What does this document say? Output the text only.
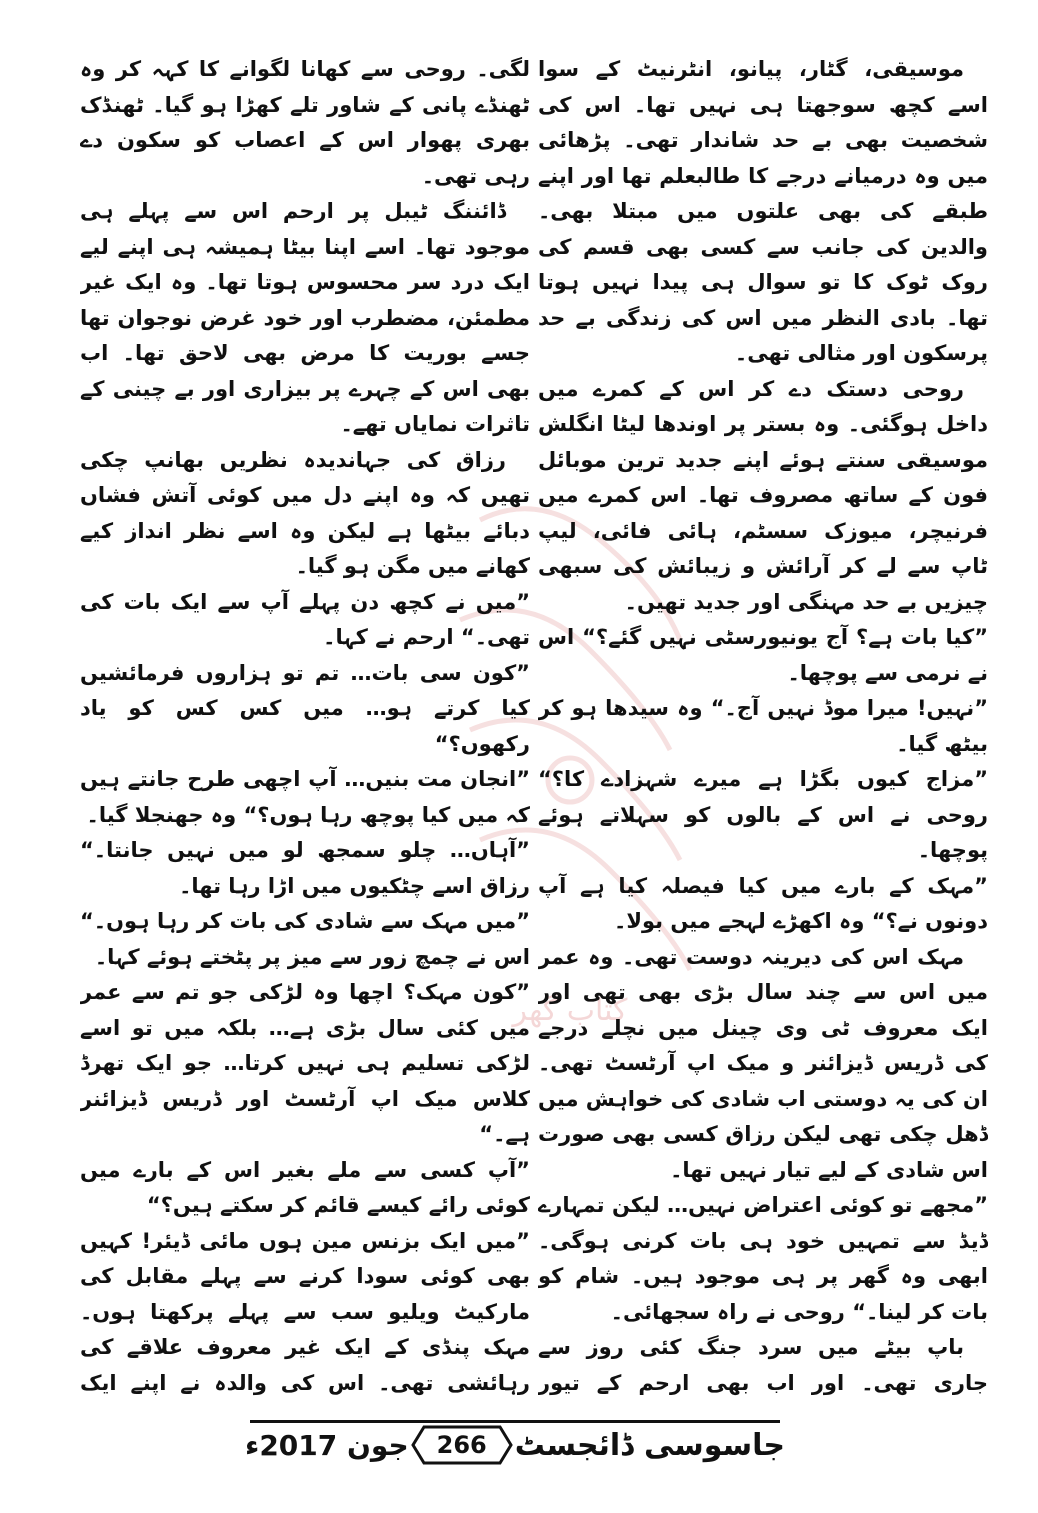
کتاب گھر

موسیقی، گٹار، پیانو، انٹرنیٹ کے سوا اسے کچھ سوجھتا ہی نہیں تھا۔ اس کی شخصیت بھی بے حد شاندار تھی۔ پڑھائی میں وہ درمیانے درجے کا طالبعلم تھا اور اپنے طبقے کی بھی علتوں میں مبتلا بھی۔ والدین کی جانب سے کسی بھی قسم کی روک ٹوک کا تو سوال ہی پیدا نہیں ہوتا تھا۔ بادی النظر میں اس کی زندگی بے حد پرسکون اور مثالی تھی۔

روحی دستک دے کر اس کے کمرے میں داخل ہوگئی۔ وہ بستر پر اوندھا لیٹا انگلش موسیقی سنتے ہوئے اپنے جدید ترین موبائل فون کے ساتھ مصروف تھا۔ اس کمرے میں فرنیچر، میوزک سسٹم، ہائی فائی، لیپ ٹاپ سے لے کر آرائش و زیبائش کی سبھی چیزیں بے حد مہنگی اور جدید تھیں۔

”کیا بات ہے؟ آج یونیورسٹی نہیں گئے؟“ اس نے نرمی سے پوچھا۔

”نہیں! میرا موڈ نہیں آج۔“ وہ سیدھا ہو کر بیٹھ گیا۔

”مزاج کیوں بگڑا ہے میرے شہزادے کا؟“ روحی نے اس کے بالوں کو سہلاتے ہوئے پوچھا۔

”مہک کے بارے میں کیا فیصلہ کیا ہے آپ دونوں نے؟“ وہ اکھڑے لہجے میں بولا۔

مہک اس کی دیرینہ دوست تھی۔ وہ عمر میں اس سے چند سال بڑی بھی تھی اور ایک معروف ٹی وی چینل میں نچلے درجے کی ڈریس ڈیزائنر و میک اپ آرٹسٹ تھی۔ ان کی یہ دوستی اب شادی کی خواہش میں ڈھل چکی تھی لیکن رزاق کسی بھی صورت اس شادی کے لیے تیار نہیں تھا۔

”مجھے تو کوئی اعتراض نہیں… لیکن تمہارے ڈیڈ سے تمہیں خود ہی بات کرنی ہوگی۔ ابھی وہ گھر پر ہی موجود ہیں۔ شام کو بات کر لینا۔“ روحی نے راہ سجھائی۔

باپ بیٹے میں سرد جنگ کئی روز سے جاری تھی۔ اور اب بھی ارحم کے تیور

لگی۔ روحی سے کھانا لگوانے کا کہہ کر وہ ٹھنڈے پانی کے شاور تلے کھڑا ہو گیا۔ ٹھنڈک بھری پھوار اس کے اعصاب کو سکون دے رہی تھی۔

ڈائننگ ٹیبل پر ارحم اس سے پہلے ہی موجود تھا۔ اسے اپنا بیٹا ہمیشہ ہی اپنے لیے ایک درد سر محسوس ہوتا تھا۔ وہ ایک غیر مطمئن، مضطرب اور خود غرض نوجوان تھا جسے بوریت کا مرض بھی لاحق تھا۔ اب بھی اس کے چہرے پر بیزاری اور بے چینی کے تاثرات نمایاں تھے۔

رزاق کی جہاندیدہ نظریں بھانپ چکی تھیں کہ وہ اپنے دل میں کوئی آتش فشاں دبائے بیٹھا ہے لیکن وہ اسے نظر انداز کیے کھانے میں مگن ہو گیا۔

”میں نے کچھ دن پہلے آپ سے ایک بات کی تھی۔“ ارحم نے کہا۔

”کون سی بات… تم تو ہزاروں فرمائشیں کیا کرتے ہو… میں کس کس کو یاد رکھوں؟“

”انجان مت بنیں… آپ اچھی طرح جانتے ہیں کہ میں کیا پوچھ رہا ہوں؟“ وہ جھنجلا گیا۔

”آہاں… چلو سمجھ لو میں نہیں جانتا۔“ رزاق اسے چٹکیوں میں اڑا رہا تھا۔

”میں مہک سے شادی کی بات کر رہا ہوں۔“ اس نے چمچ زور سے میز پر پٹختے ہوئے کہا۔

”کون مہک؟ اچھا وہ لڑکی جو تم سے عمر میں کئی سال بڑی ہے… بلکہ میں تو اسے لڑکی تسلیم ہی نہیں کرتا… جو ایک تھرڈ کلاس میک اپ آرٹسٹ اور ڈریس ڈیزائنر ہے۔“

”آپ کسی سے ملے بغیر اس کے بارے میں کوئی رائے کیسے قائم کر سکتے ہیں؟“

”میں ایک بزنس مین ہوں مائی ڈیئر! کہیں بھی کوئی سودا کرنے سے پہلے مقابل کی مارکیٹ ویلیو سب سے پہلے پرکھتا ہوں۔ مہک پنڈی کے ایک غیر معروف علاقے کی رہائشی تھی۔ اس کی والدہ نے اپنے ایک

جاسوسی ڈائجسٹ
266
جون 2017ء
